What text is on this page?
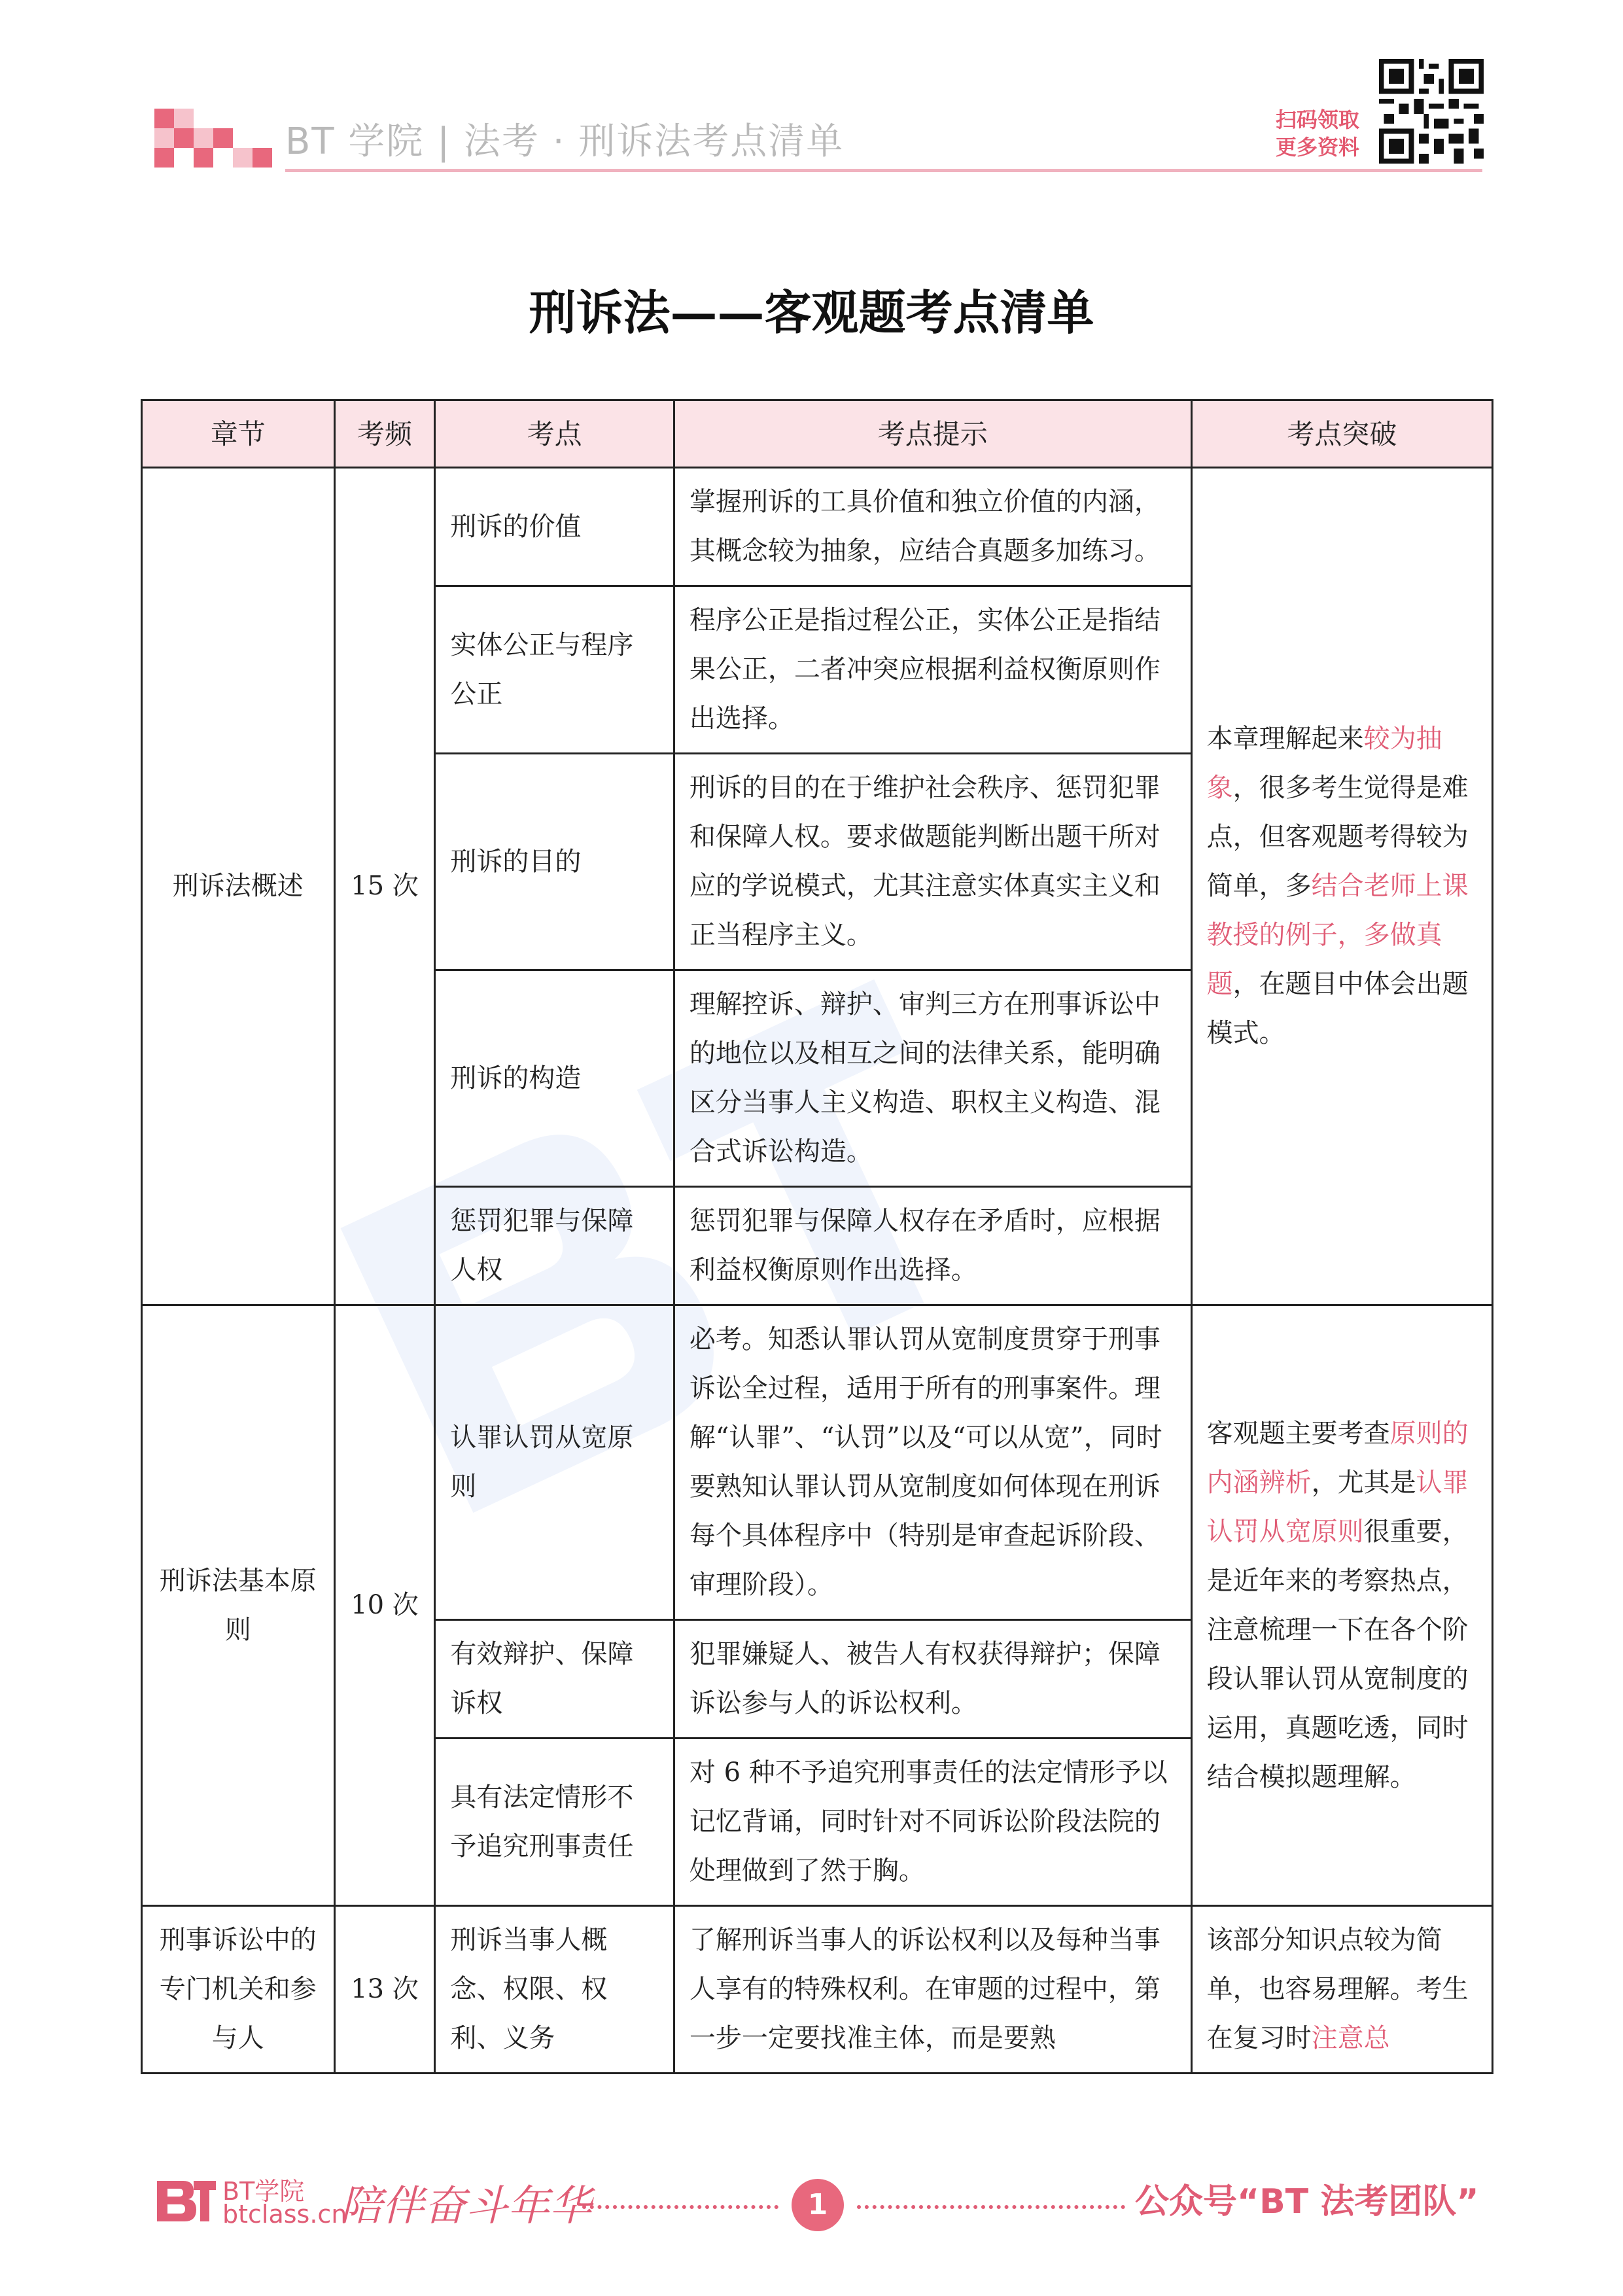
BT 学院 | 法考 · 刑诉法考点清单
扫码领取
更多资料
刑诉法——客观题考点清单
章节	考频	考点	考点提示	考点突破
刑诉法概述	15 次	刑诉的价值	掌握刑诉的工具价值和独立价值的内涵，其概念较为抽象，应结合真题多加练习。	本章理解起来较为抽象，很多考生觉得是难点，但客观题考得较为简单，多结合老师上课教授的例子，多做真题，在题目中体会出题模式。
		实体公正与程序公正	程序公正是指过程公正，实体公正是指结果公正，二者冲突应根据利益权衡原则作出选择。	
		刑诉的目的	刑诉的目的在于维护社会秩序、惩罚犯罪和保障人权。要求做题能判断出题干所对应的学说模式，尤其注意实体真实主义和正当程序主义。	
		刑诉的构造	理解控诉、辩护、审判三方在刑事诉讼中的地位以及相互之间的法律关系，能明确区分当事人主义构造、职权主义构造、混合式诉讼构造。	
		惩罚犯罪与保障人权	惩罚犯罪与保障人权存在矛盾时，应根据利益权衡原则作出选择。	
刑诉法基本原则	10 次	认罪认罚从宽原则	必考。知悉认罪认罚从宽制度贯穿于刑事诉讼全过程，适用于所有的刑事案件。理解“认罪”、“认罚”以及“可以从宽”，同时要熟知认罪认罚从宽制度如何体现在刑诉每个具体程序中（特别是审查起诉阶段、审理阶段）。	客观题主要考查原则的内涵辨析，尤其是认罪认罚从宽原则很重要，是近年来的考察热点，注意梳理一下在各个阶段认罪认罚从宽制度的运用，真题吃透，同时结合模拟题理解。
		有效辩护、保障诉权	犯罪嫌疑人、被告人有权获得辩护；保障诉讼参与人的诉讼权利。	
		具有法定情形不予追究刑事责任	对 6 种不予追究刑事责任的法定情形予以记忆背诵，同时针对不同诉讼阶段法院的处理做到了然于胸。	
刑事诉讼中的专门机关和参与人	13 次	刑诉当事人概念、权限、权利、义务	了解刑诉当事人的诉讼权利以及每种当事人享有的特殊权利。在审题的过程中，第一步一定要找准主体，而是要熟	该部分知识点较为简单，也容易理解。考生在复习时注意总
BT学院
btclass.cn
陪伴奋斗年华	1	公众号“BT 法考团队”
